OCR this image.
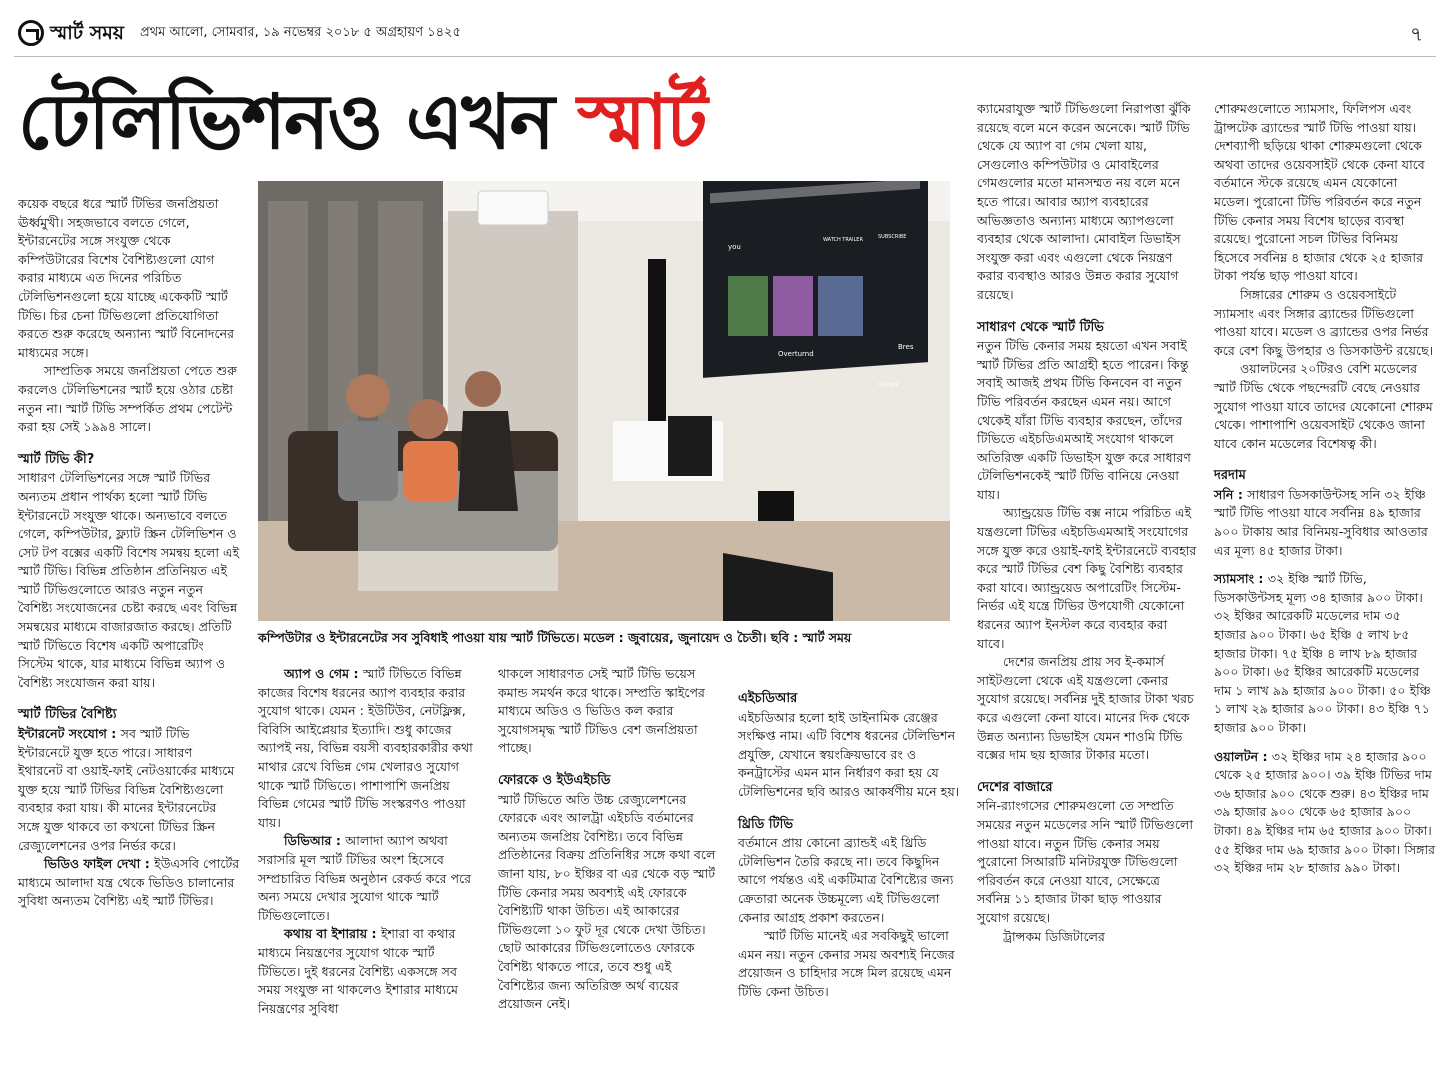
স্মার্ট সময় প্রথম আলো, সোমবার, ১৯ নভেম্বর ২০১৮ ৫ অগ্রহায়ণ ১৪২৫	৭
টেলিভিশনও এখন স্মার্ট

কয়েক বছরে ধরে স্মার্ট টিভির জনপ্রিয়তা ঊর্ধ্বমুখী। সহজভাবে বলতে গেলে, ইন্টারনেটের সঙ্গে সংযুক্ত থেকে কম্পিউটারের বিশেষ বৈশিষ্ট্যগুলো যোগ করার মাধ্যমে এত দিনের পরিচিত টেলিভিশনগুলো হয়ে যাচ্ছে একেকটি স্মার্ট টিভি। চির চেনা টিভিগুলো প্রতিযোগিতা করতে শুরু করেছে অন্যান্য স্মার্ট বিনোদনের মাধ্যমের সঙ্গে।

সাম্প্রতিক সময়ে জনপ্রিয়তা পেতে শুরু করলেও টেলিভিশনের স্মার্ট হয়ে ওঠার চেষ্টা নতুন না। স্মার্ট টিভি সম্পর্কিত প্রথম পেটেন্ট করা হয় সেই ১৯৯৪ সালে।

স্মার্ট টিভি কী?

সাধারণ টেলিভিশনের সঙ্গে স্মার্ট টিভির অন্যতম প্রধান পার্থক্য হলো স্মার্ট টিভি ইন্টারনেটে সংযুক্ত থাকে। অন্যভাবে বলতে গেলে, কম্পিউটার, ফ্ল্যাট স্ক্রিন টেলিভিশন ও সেট টপ বক্সের একটি বিশেষ সমন্বয় হলো এই স্মার্ট টিভি। বিভিন্ন প্রতিষ্ঠান প্রতিনিয়ত এই স্মার্ট টিভিগুলোতে আরও নতুন নতুন বৈশিষ্ট্য সংযোজনের চেষ্টা করছে এবং বিভিন্ন সমন্বয়ের মাধ্যমে বাজারজাত করছে। প্রতিটি স্মার্ট টিভিতে বিশেষ একটি অপারেটিং সিস্টেম থাকে, যার মাধ্যমে বিভিন্ন অ্যাপ ও বৈশিষ্ট্য সংযোজন করা যায়।

স্মার্ট টিভির বৈশিষ্ট্য

ইন্টারনেট সংযোগ : সব স্মার্ট টিভি ইন্টারনেটে যুক্ত হতে পারে। সাধারণ ইথারনেট বা ওয়াই-ফাই নেটওয়ার্কের মাধ্যমে যুক্ত হয়ে স্মার্ট টিভির বিভিন্ন বৈশিষ্ট্যগুলো ব্যবহার করা যায়। কী মানের ইন্টারনেটের সঙ্গে যুক্ত থাকবে তা কখনো টিভির স্ক্রিন রেজ্যুলেশনের ওপর নির্ভর করে।

ভিডিও ফাইল দেখা : ইউএসবি পোর্টের মাধ্যমে আলাদা যন্ত্র থেকে ভিডিও চালানোর সুবিধা অন্যতম বৈশিষ্ট্য এই স্মার্ট টিভির।

you
WATCH TRAILER	SUBSCRIBE
Overturnd
Bres
Go Back
কম্পিউটার ও ইন্টারনেটের সব সুবিধাই পাওয়া যায় স্মার্ট টিভিতে। মডেল : জুবায়ের, জুনায়েদ ও চৈতী। ছবি : স্মার্ট সময়

অ্যাপ ও গেম : স্মার্ট টিভিতে বিভিন্ন কাজের বিশেষ ধরনের অ্যাপ ব্যবহার করার সুযোগ থাকে। যেমন : ইউটিউব, নেটফ্লিক্স, বিবিসি আইপ্লেয়ার ইত্যাদি। শুধু কাজের অ্যাপই নয়, বিভিন্ন বয়সী ব্যবহারকারীর কথা মাথার রেখে বিভিন্ন গেম খেলারও সুযোগ থাকে স্মার্ট টিভিতে। পাশাপাশি জনপ্রিয় বিভিন্ন গেমের স্মার্ট টিভি সংস্করণও পাওয়া যায়।

ডিভিআর : আলাদা অ্যাপ অথবা সরাসরি মূল স্মার্ট টিভির অংশ হিসেবে সম্প্রচারিত বিভিন্ন অনুষ্ঠান রেকর্ড করে পরে অন্য সময়ে দেখার সুযোগ থাকে স্মার্ট টিভিগুলোতে।

কথায় বা ইশারায় : ইশারা বা কথার মাধ্যমে নিয়ন্ত্রণের সুযোগ থাকে স্মার্ট টিভিতে। দুই ধরনের বৈশিষ্ট্য একসঙ্গে সব সময় সংযুক্ত না থাকলেও ইশারার মাধ্যমে নিয়ন্ত্রণের সুবিধা

থাকলে সাধারণত সেই স্মার্ট টিভি ভয়েস কমান্ড সমর্থন করে থাকে। সম্প্রতি স্কাইপের মাধ্যমে অডিও ও ভিডিও কল করার সুযোগসমৃদ্ধ স্মার্ট টিভিও বেশ জনপ্রিয়তা পাচ্ছে।

ফোরকে ও ইউএইচডি

স্মার্ট টিভিতে অতি উচ্চ রেজ্যুলেশনের ফোরকে এবং আলট্রা এইচডি বর্তমানের অন্যতম জনপ্রিয় বৈশিষ্ট্য। তবে বিভিন্ন প্রতিষ্ঠানের বিক্রয় প্রতিনিধির সঙ্গে কথা বলে জানা যায়, ৮০ ইঞ্চির বা এর থেকে বড় স্মার্ট টিভি কেনার সময় অবশ্যই এই ফোরকে বৈশিষ্ট্যটি থাকা উচিত। এই আকারের টিভিগুলো ১০ ফুট দূর থেকে দেখা উচিত। ছোট আকারের টিভিগুলোতেও ফোরকে বৈশিষ্ট্য থাকতে পারে, তবে শুধু এই বৈশিষ্ট্যের জন্য অতিরিক্ত অর্থ ব্যয়ের প্রয়োজন নেই।

এইচডিআর

এইচডিআর হলো হাই ডাইনামিক রেঞ্জের সংক্ষিপ্ত নাম। এটি বিশেষ ধরনের টেলিভিশন প্রযুক্তি, যেখানে স্বয়ংক্রিয়ভাবে রং ও কনট্রাস্টের এমন মান নির্ধারণ করা হয় যে টেলিভিশনের ছবি আরও আকর্ষণীয় মনে হয়।

থ্রিডি টিভি

বর্তমানে প্রায় কোনো ব্র্যান্ডই এই থ্রিডি টেলিভিশন তৈরি করছে না। তবে কিছুদিন আগে পর্যন্তও এই একটিমাত্র বৈশিষ্ট্যের জন্য ক্রেতারা অনেক উচ্চমূল্যে এই টিভিগুলো কেনার আগ্রহ প্রকাশ করতেন।

স্মার্ট টিভি মানেই এর সবকিছুই ভালো এমন নয়। নতুন কেনার সময় অবশ্যই নিজের প্রয়োজন ও চাহিদার সঙ্গে মিল রয়েছে এমন টিভি কেনা উচিত।

ক্যামেরাযুক্ত স্মার্ট টিভিগুলো নিরাপত্তা ঝুঁকি রয়েছে বলে মনে করেন অনেকে। স্মার্ট টিভি থেকে যে অ্যাপ বা গেম খেলা যায়, সেগুলোও কম্পিউটার ও মোবাইলের গেমগুলোর মতো মানসম্মত নয় বলে মনে হতে পারে। আবার অ্যাপ ব্যবহারের অভিজ্ঞতাও অন্যান্য মাধ্যমে অ্যাপগুলো ব্যবহার থেকে আলাদা। মোবাইল ডিভাইস সংযুক্ত করা এবং এগুলো থেকে নিয়ন্ত্রণ করার ব্যবস্থাও আরও উন্নত করার সুযোগ রয়েছে।

সাধারণ থেকে স্মার্ট টিভি

নতুন টিভি কেনার সময় হয়তো এখন সবাই স্মার্ট টিভির প্রতি আগ্রহী হতে পারেন। কিন্তু সবাই আজই প্রথম টিভি কিনবেন বা নতুন টিভি পরিবর্তন করছেন এমন নয়। আগে থেকেই যাঁরা টিভি ব্যবহার করছেন, তাঁদের টিভিতে এইচডিএমআই সংযোগ থাকলে অতিরিক্ত একটি ডিভাইস যুক্ত করে সাধারণ টেলিভিশনকেই স্মার্ট টিভি বানিয়ে নেওয়া যায়।

অ্যান্ড্রয়েড টিভি বক্স নামে পরিচিত এই যন্ত্রগুলো টিভির এইচডিএমআই সংযোগের সঙ্গে যুক্ত করে ওয়াই-ফাই ইন্টারনেটে ব্যবহার করে স্মার্ট টিভির বেশ কিছু বৈশিষ্ট্য ব্যবহার করা যাবে। অ্যান্ড্রয়েড অপারেটিং সিস্টেম-নির্ভর এই যন্ত্রে টিভির উপযোগী যেকোনো ধরনের অ্যাপ ইনস্টল করে ব্যবহার করা যাবে।

দেশের জনপ্রিয় প্রায় সব ই-কমার্স সাইটগুলো থেকে এই যন্ত্রগুলো কেনার সুযোগ রয়েছে। সর্বনিম্ন দুই হাজার টাকা খরচ করে এগুলো কেনা যাবে। মানের দিক থেকে উন্নত অন্যান্য ডিভাইস যেমন শাওমি টিভি বক্সের দাম ছয় হাজার টাকার মতো।

দেশের বাজারে

সনি-র‍্যাংগসের শোরুমগুলো তে সম্প্রতি সময়ের নতুন মডেলের সনি স্মার্ট টিভিগুলো পাওয়া যাবে। নতুন টিভি কেনার সময় পুরোনো সিআরটি মনিটরযুক্ত টিভিগুলো পরিবর্তন করে নেওয়া যাবে, সেক্ষেত্রে সর্বনিম্ন ১১ হাজার টাকা ছাড় পাওয়ার সুযোগ রয়েছে।

ট্রান্সকম ডিজিটালের

শোরুমগুলোতে স্যামসাং, ফিলিপস এবং ট্রান্সটেক ব্র্যান্ডের স্মার্ট টিভি পাওয়া যায়। দেশব্যাপী ছড়িয়ে থাকা শোরুমগুলো থেকে অথবা তাদের ওয়েবসাইট থেকে কেনা যাবে বর্তমানে স্টকে রয়েছে এমন যেকোনো মডেল। পুরোনো টিভি পরিবর্তন করে নতুন টিভি কেনার সময় বিশেষ ছাড়ের ব্যবস্থা রয়েছে। পুরোনো সচল টিভির বিনিময় হিসেবে সর্বনিম্ন ৪ হাজার থেকে ২৫ হাজার টাকা পর্যন্ত ছাড় পাওয়া যাবে।

সিঙ্গারের শোরুম ও ওয়েবসাইটে স্যামসাং এবং সিঙ্গার ব্র্যান্ডের টিভিগুলো পাওয়া যাবে। মডেল ও ব্র্যান্ডের ওপর নির্ভর করে বেশ কিছু উপহার ও ডিসকাউন্ট রয়েছে।

ওয়ালটনের ২০টিরও বেশি মডেলের স্মার্ট টিভি থেকে পছন্দেরটি বেছে নেওয়ার সুযোগ পাওয়া যাবে তাদের যেকোনো শোরুম থেকে। পাশাপাশি ওয়েবসাইট থেকেও জানা যাবে কোন মডেলের বিশেষত্ব কী।

দরদাম

সনি : সাধারণ ডিসকাউন্টসহ সনি ৩২ ইঞ্চি স্মার্ট টিভি পাওয়া যাবে সর্বনিম্ন ৪৯ হাজার ৯০০ টাকায় আর বিনিময়-সুবিধার আওতার এর মূল্য ৪৫ হাজার টাকা।

স্যামসাং : ৩২ ইঞ্চি স্মার্ট টিভি, ডিসকাউন্টসহ মূল্য ৩৪ হাজার ৯০০ টাকা। ৩২ ইঞ্চির আরেকটি মডেলের দাম ৩৫ হাজার ৯০০ টাকা। ৬৫ ইঞ্চি ৫ লাখ ৮৫ হাজার টাকা। ৭৫ ইঞ্চি ৪ লাখ ৮৯ হাজার ৯০০ টাকা। ৬৫ ইঞ্চির আরেকটি মডেলের দাম ১ লাখ ৯৯ হাজার ৯০০ টাকা। ৫০ ইঞ্চি ১ লাখ ২৯ হাজার ৯০০ টাকা। ৪৩ ইঞ্চি ৭১ হাজার ৯০০ টাকা।

ওয়ালটন : ৩২ ইঞ্চির দাম ২৪ হাজার ৯০০ থেকে ২৫ হাজার ৯০০। ৩৯ ইঞ্চি টিভির দাম ৩৬ হাজার ৯০০ থেকে শুরু। ৪৩ ইঞ্চির দাম ৩৯ হাজার ৯০০ থেকে ৬৫ হাজার ৯০০ টাকা। ৪৯ ইঞ্চির দাম ৬৫ হাজার ৯০০ টাকা। ৫৫ ইঞ্চির দাম ৬৯ হাজার ৯০০ টাকা। সিঙ্গার ৩২ ইঞ্চির দাম ২৮ হাজার ৯৯০ টাকা।
